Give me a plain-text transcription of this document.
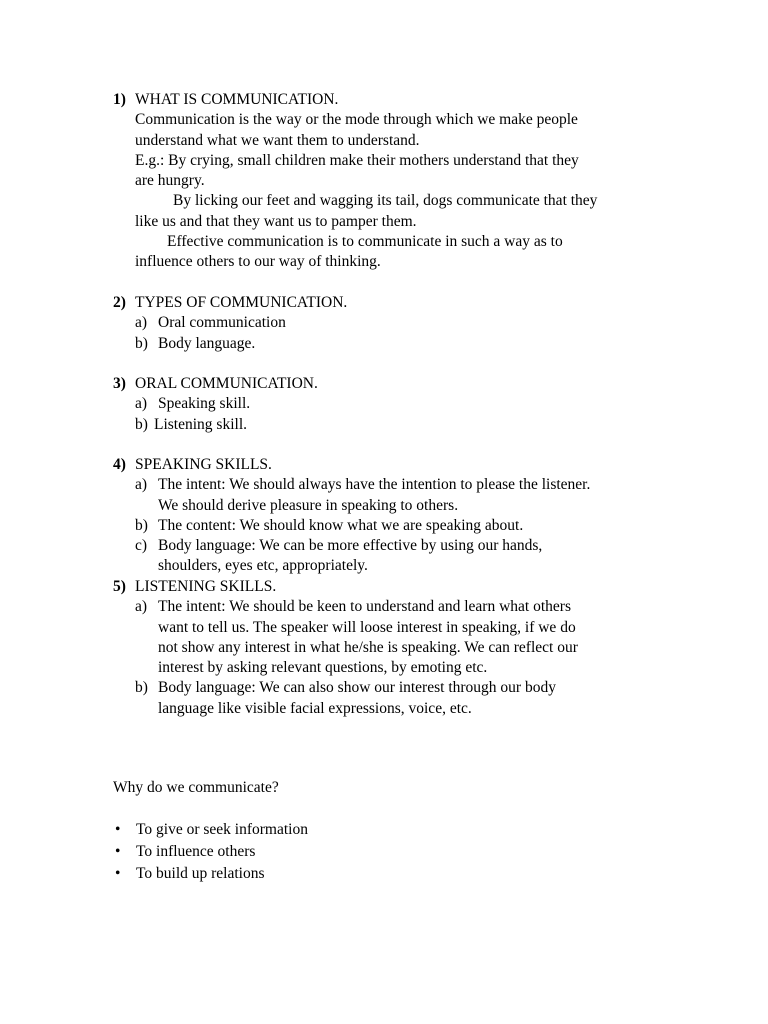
1) WHAT IS COMMUNICATION.
Communication is the way or the mode through which we make people
understand what we want them to understand.
E.g.: By crying, small children make their mothers understand that they
are hungry.
By licking our feet and wagging its tail, dogs communicate that they
like us and that they want us to pamper them.
Effective communication is to communicate in such a way as to
influence others to our way of thinking.
2) TYPES OF COMMUNICATION.
a) Oral communication
b) Body language.
3) ORAL COMMUNICATION.
a) Speaking skill.
b) Listening skill.
4) SPEAKING SKILLS.
a) The intent: We should always have the intention to please the listener.
We should derive pleasure in speaking to others.
b) The content: We should know what we are speaking about.
c) Body language: We can be more effective by using our hands,
shoulders, eyes etc, appropriately.
5) LISTENING SKILLS.
a) The intent: We should be keen to understand and learn what others
want to tell us. The speaker will loose interest in speaking, if we do
not show any interest in what he/she is speaking. We can reflect our
interest by asking relevant questions, by emoting etc.
b) Body language: We can also show our interest through our body
language like visible facial expressions, voice, etc.
Why do we communicate?
• To give or seek information
• To influence others
• To build up relations
